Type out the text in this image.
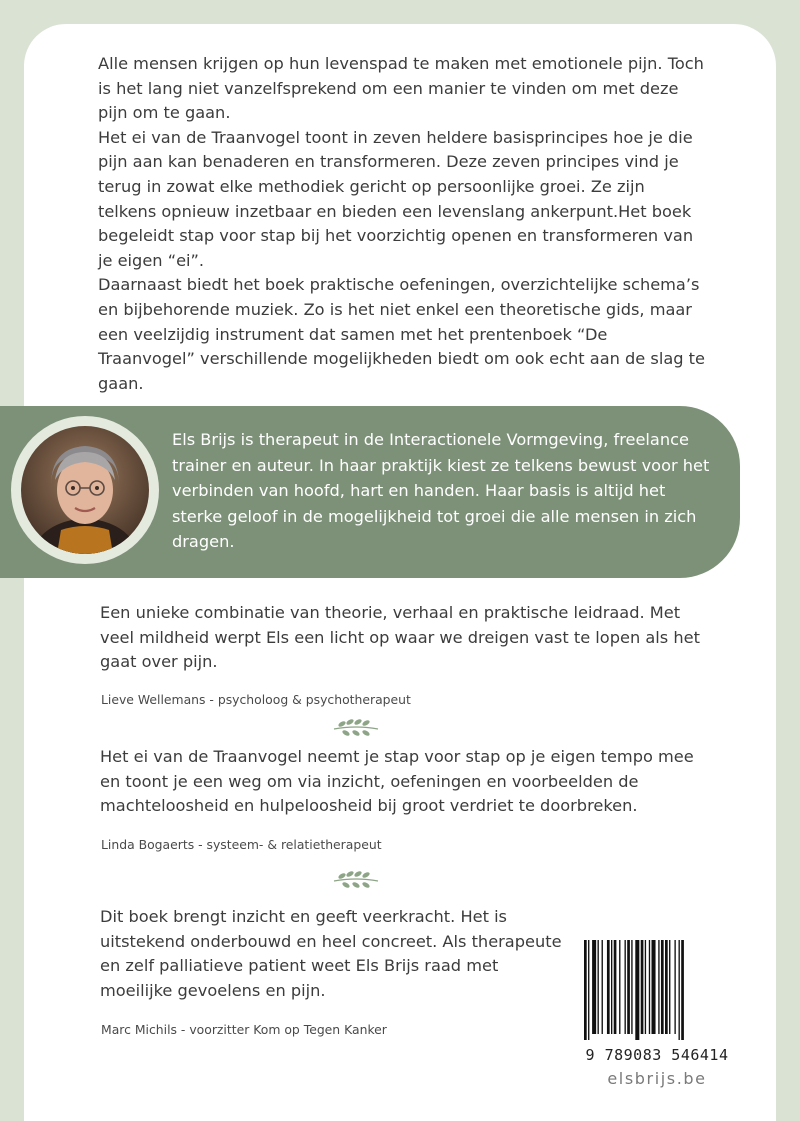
Alle mensen krijgen op hun levenspad te maken met emotionele pijn. Toch is het lang niet vanzelfsprekend om een manier te vinden om met deze pijn om te gaan.

Het ei van de Traanvogel toont in zeven heldere basisprincipes hoe je die pijn aan kan benaderen en transformeren. Deze zeven principes vind je terug in zowat elke methodiek gericht op persoonlijke groei. Ze zijn telkens opnieuw inzetbaar en bieden een levenslang ankerpunt.Het boek begeleidt stap voor stap bij het voorzichtig openen en transformeren van je eigen “ei”.

Daarnaast biedt het boek praktische oefeningen, overzichtelijke schema’s en bijbehorende muziek. Zo is het niet enkel een theoretische gids, maar een veelzijdig instrument dat samen met het prentenboek “De Traanvogel” verschillende mogelijkheden biedt om ook echt aan de slag te gaan.

Els Brijs is therapeut in de Interactionele Vormgeving, freelance trainer en auteur. In haar praktijk kiest ze telkens bewust voor het verbinden van hoofd, hart en handen. Haar basis is altijd het sterke geloof in de mogelijkheid tot groei die alle mensen in zich dragen.

Een unieke combinatie van theorie, verhaal en praktische leidraad. Met veel mildheid werpt Els een licht op waar we dreigen vast te lopen als het gaat over pijn.

Lieve Wellemans - psycholoog & psychotherapeut

Het ei van de Traanvogel neemt je stap voor stap op je eigen tempo mee en toont je een weg om via inzicht, oefeningen en voorbeelden de machteloosheid en hulpeloosheid bij groot verdriet te doorbreken.

Linda Bogaerts - systeem- & relatietherapeut

Dit boek brengt inzicht en geeft veerkracht. Het is uitstekend onderbouwd en heel concreet. Als therapeute en zelf palliatieve patient weet Els Brijs raad met moeilijke gevoelens en pijn.

Marc Michils - voorzitter Kom op Tegen Kanker

9 789083 546414

elsbrijs.be
